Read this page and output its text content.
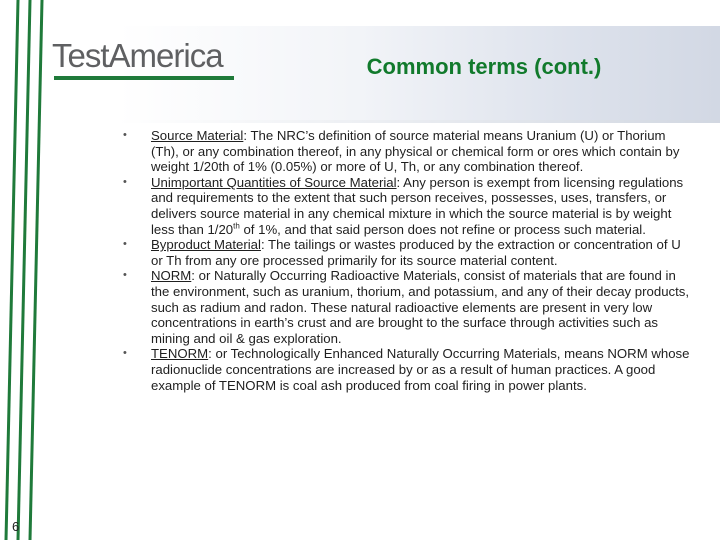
TestAmerica	Common terms (cont.)
• Source Material: The NRC’s definition of source material means Uranium (U) or Thorium (Th), or any combination thereof, in any physical or chemical form or ores which contain by weight 1/20th of 1% (0.05%) or more of U, Th, or any combination thereof.
• Unimportant Quantities of Source Material: Any person is exempt from licensing regulations and requirements to the extent that such person receives, possesses, uses, transfers, or delivers source material in any chemical mixture in which the source material is by weight less than 1/20th of 1%, and that said person does not refine or process such material.
• Byproduct Material: The tailings or wastes produced by the extraction or concentration of U or Th from any ore processed primarily for its source material content.
• NORM: or Naturally Occurring Radioactive Materials, consist of materials that are found in the environment, such as uranium, thorium, and potassium, and any of their decay products, such as radium and radon. These natural radioactive elements are present in very low concentrations in earth’s crust and are brought to the surface through activities such as mining and oil & gas exploration.
• TENORM: or Technologically Enhanced Naturally Occurring Materials, means NORM whose radionuclide concentrations are increased by or as a result of human practices. A good example of TENORM is coal ash produced from coal firing in power plants.
6
